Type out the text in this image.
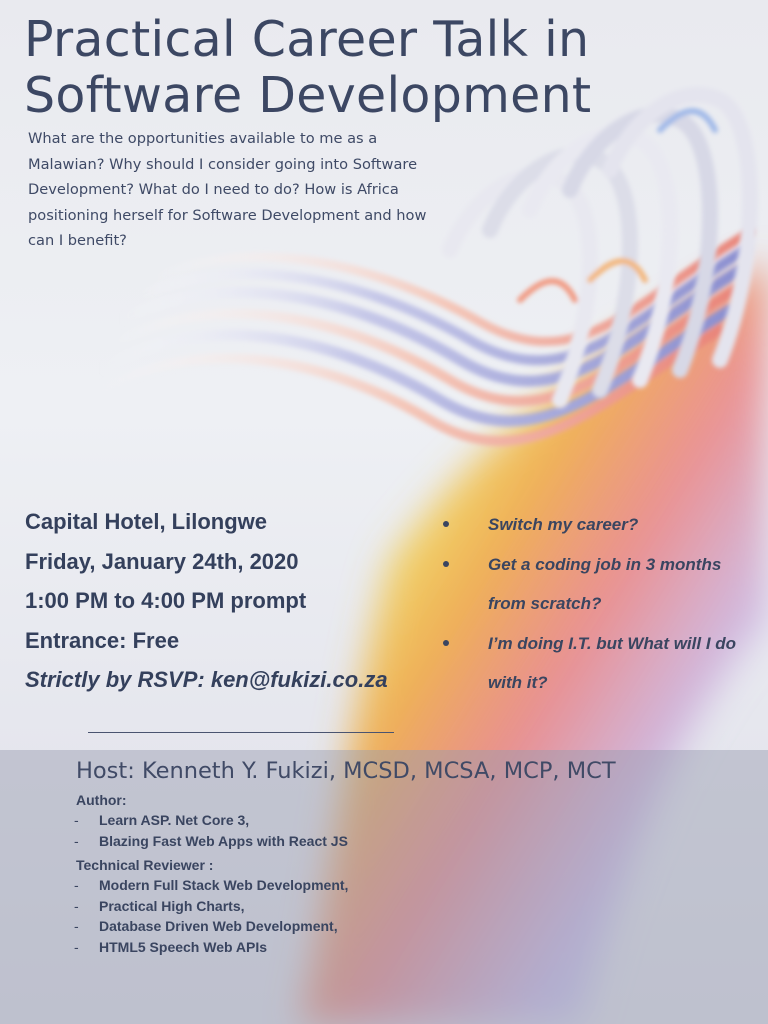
Practical Career Talk in
Software Development

What are the opportunities available to me as a Malawian? Why should I consider going into Software Development? What do I need to do? How is Africa positioning herself for Software Development and how can I benefit?

Capital Hotel, Lilongwe
Friday, January 24th, 2020
1:00 PM to 4:00 PM prompt
Entrance: Free
Strictly by RSVP: ken@fukizi.co.za
Switch my career?
Get a coding job in 3 months from scratch?
I’m doing I.T. but What will I do with it?
Host: Kenneth Y. Fukizi, MCSD, MCSA, MCP, MCT
Author:
- Learn ASP. Net Core 3,
- Blazing Fast Web Apps with React JS
Technical Reviewer :
- Modern Full Stack Web Development,
- Practical High Charts,
- Database Driven Web Development,
- HTML5 Speech Web APIs
